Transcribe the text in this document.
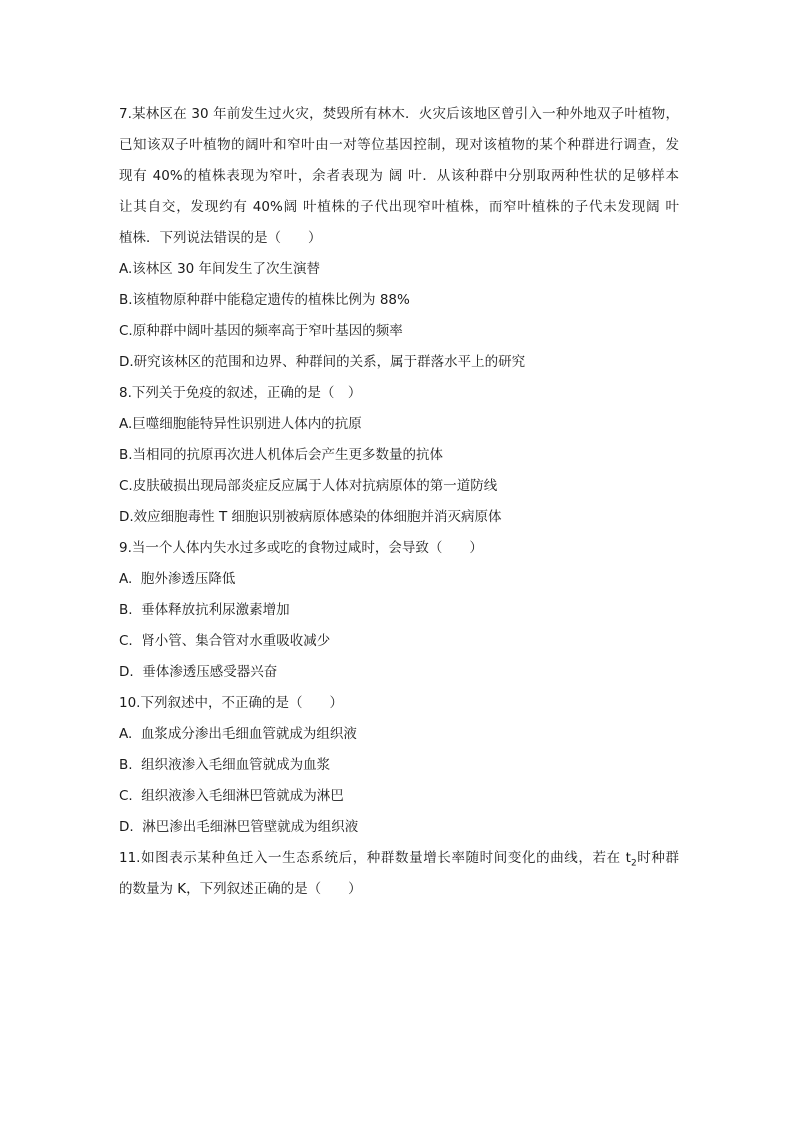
7.某林区在 30 年前发生过火灾，焚毁所有林木．火灾后该地区曾引入一种外地双子叶植物，
已知该双子叶植物的阔叶和窄叶由一对等位基因控制，现对该植物的某个种群进行调查，发
现有 40%的植株表现为窄叶，余者表现为 阔 叶．从该种群中分别取两种性状的足够样本
让其自交，发现约有 40%阔 叶植株的子代出现窄叶植株，而窄叶植株的子代未发现阔 叶
植株．下列说法错误的是（　　）
A.该林区 30 年间发生了次生演替
B.该植物原种群中能稳定遗传的植株比例为 88%
C.原种群中阔叶基因的频率高于窄叶基因的频率
D.研究该林区的范围和边界、种群间的关系，属于群落水平上的研究
8.下列关于免疫的叙述，正确的是（　）
A.巨噬细胞能特异性识别进人体内的抗原
B.当相同的抗原再次进人机体后会产生更多数量的抗体
C.皮肤破损出现局部炎症反应属于人体对抗病原体的第一道防线
D.效应细胞毒性 T 细胞识别被病原体感染的体细胞并消灭病原体
9.当一个人体内失水过多或吃的食物过咸时，会导致（　　）
A.  胞外渗透压降低
B.  垂体释放抗利尿激素增加
C.  肾小管、集合管对水重吸收减少
D.  垂体渗透压感受器兴奋
10.下列叙述中，不正确的是（　　）
A.  血浆成分渗出毛细血管就成为组织液
B.  组织液渗入毛细血管就成为血浆
C.  组织液渗入毛细淋巴管就成为淋巴
D.  淋巴渗出毛细淋巴管壁就成为组织液
11.如图表示某种鱼迁入一生态系统后，种群数量增长率随时间变化的曲线，若在 $t_2$时种群
的数量为 K，下列叙述正确的是（　　）
